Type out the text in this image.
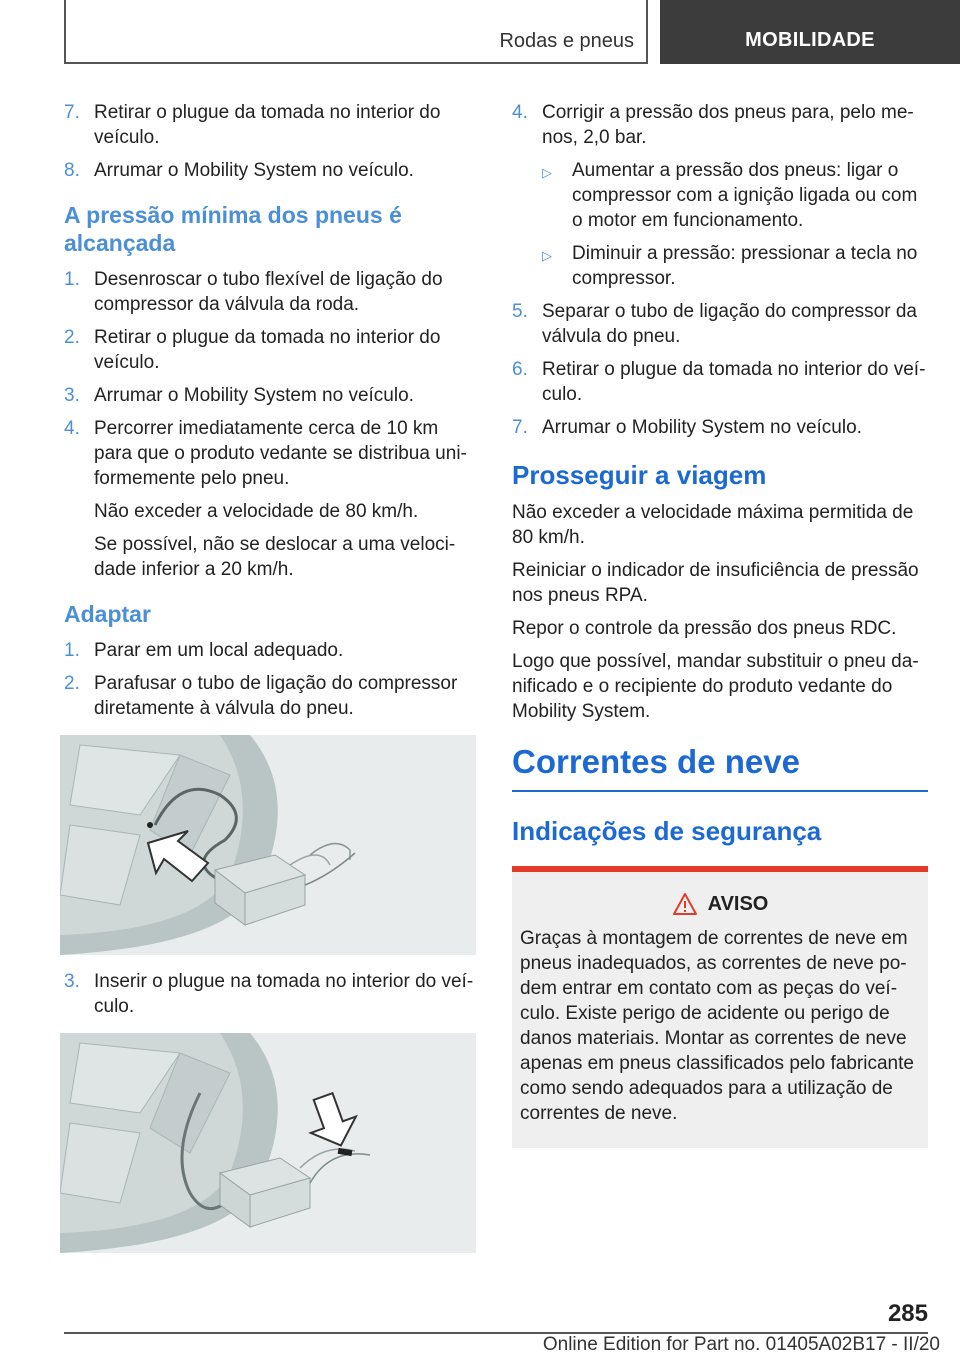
Rodas e pneus	MOBILIDADE
7. Retirar o plugue da tomada no interior do veículo.
8. Arrumar o Mobility System no veículo.
A pressão mínima dos pneus é alcançada
1. Desenroscar o tubo flexível de ligação do compressor da válvula da roda.
2. Retirar o plugue da tomada no interior do veículo.
3. Arrumar o Mobility System no veículo.
4. Percorrer imediatamente cerca de 10 km para que o produto vedante se distribua uniformemente pelo pneu.
Não exceder a velocidade de 80 km/h.
Se possível, não se deslocar a uma velocidade inferior a 20 km/h.
Adaptar
1. Parar em um local adequado.
2. Parafusar o tubo de ligação do compressor diretamente à válvula do pneu.
3. Inserir o plugue na tomada no interior do veículo.
4. Corrigir a pressão dos pneus para, pelo menos, 2,0 bar.
▷	Aumentar a pressão dos pneus: ligar o compressor com a ignição ligada ou com o motor em funcionamento.
▷	Diminuir a pressão: pressionar a tecla no compressor.
5. Separar o tubo de ligação do compressor da válvula do pneu.
6. Retirar o plugue da tomada no interior do veículo.
7. Arrumar o Mobility System no veículo.
Prosseguir a viagem
Não exceder a velocidade máxima permitida de 80 km/h.
Reiniciar o indicador de insuficiência de pressão nos pneus RPA.
Repor o controle da pressão dos pneus RDC.
Logo que possível, mandar substituir o pneu danificado e o recipiente do produto vedante do Mobility System.
Correntes de neve
Indicações de segurança
AVISO
Graças à montagem de correntes de neve em pneus inadequados, as correntes de neve podem entrar em contato com as peças do veículo. Existe perigo de acidente ou perigo de danos materiais. Montar as correntes de neve apenas em pneus classificados pelo fabricante como sendo adequados para a utilização de correntes de neve.
285
Online Edition for Part no. 01405A02B17 - II/20
